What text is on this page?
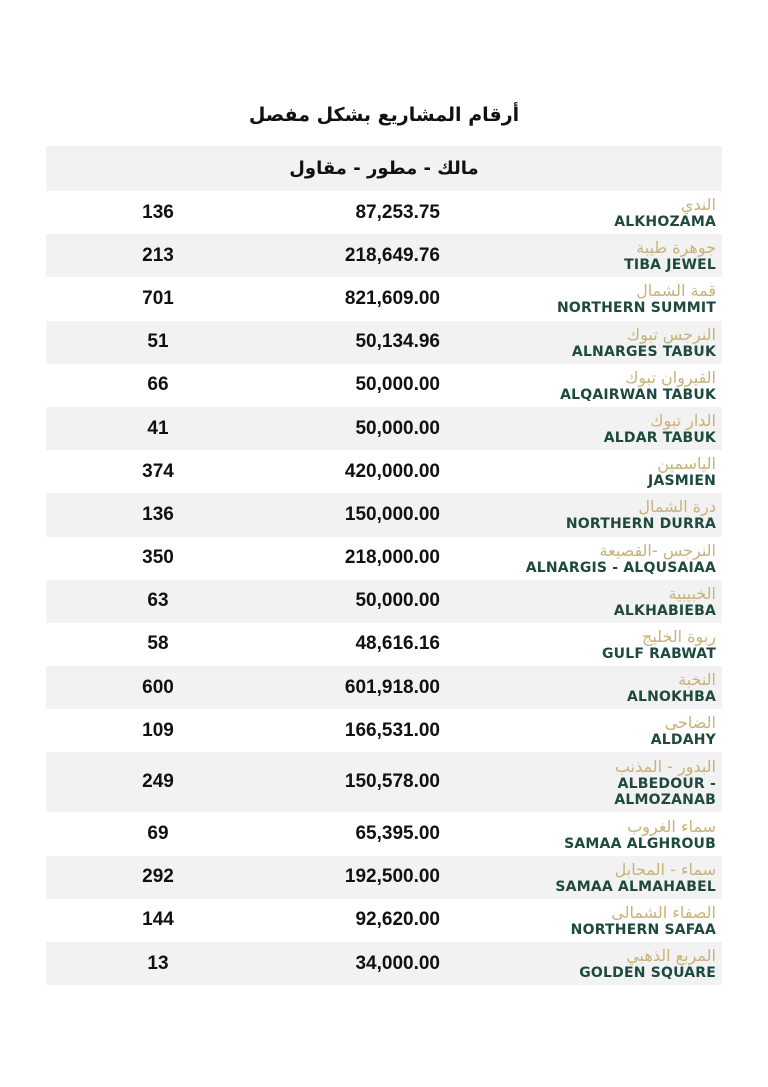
أرقام المشاريع بشكل مفصل
مالك - مطور - مقاول
136	87,253.75	الندي
ALKHOZAMA
213	218,649.76	جوهرة طيبة
TIBA JEWEL
701	821,609.00	قمة الشمال
NORTHERN SUMMIT
51	50,134.96	النرجس تبوك
ALNARGES TABUK
66	50,000.00	القيروان تبوك
ALQAIRWAN TABUK
41	50,000.00	الدار تبوك
ALDAR TABUK
374	420,000.00	الياسمين
JASMIEN
136	150,000.00	درة الشمال
NORTHERN DURRA
350	218,000.00	النرجس -القصيعة
ALNARGIS - ALQUSAIAA
63	50,000.00	الخبيبية
ALKHABIEBA
58	48,616.16	ربوة الخليج
GULF RABWAT
600	601,918.00	النخبة
ALNOKHBA
109	166,531.00	الضاحى
ALDAHY
249	150,578.00
البدور - المذنب
ALBEDOUR - ALMOZANAB
69	65,395.00	سماء الغروب
SAMAA ALGHROUB
292	192,500.00	سماء - المحابل
SAMAA ALMAHABEL
144	92,620.00	الصفاء الشمالى
NORTHERN SAFAA
13	34,000.00	المربع الذهبي
GOLDEN SQUARE
